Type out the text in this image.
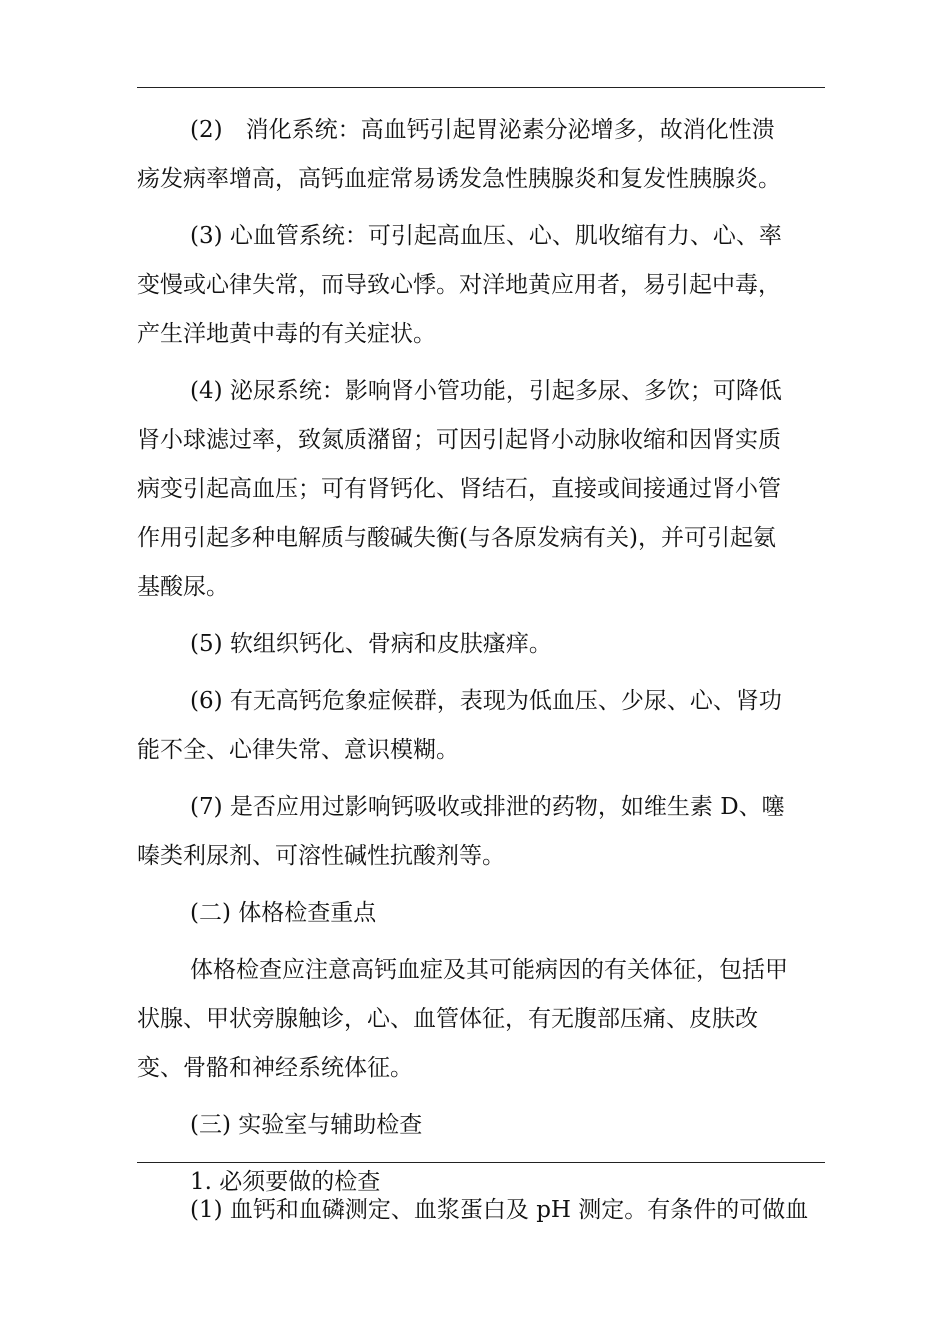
(2)　消化系统：高血钙引起胃泌素分泌增多，故消化性溃
疡发病率增高，高钙血症常易诱发急性胰腺炎和复发性胰腺炎。

(3) 心血管系统：可引起高血压、心、肌收缩有力、心、率
变慢或心律失常，而导致心悸。对洋地黄应用者，易引起中毒，
产生洋地黄中毒的有关症状。

(4) 泌尿系统：影响肾小管功能，引起多尿、多饮；可降低
肾小球滤过率，致氮质潴留；可因引起肾小动脉收缩和因肾实质
病变引起高血压；可有肾钙化、肾结石，直接或间接通过肾小管
作用引起多种电解质与酸碱失衡(与各原发病有关)，并可引起氨
基酸尿。

(5) 软组织钙化、骨病和皮肤瘙痒。

(6) 有无高钙危象症候群，表现为低血压、少尿、心、肾功
能不全、心律失常、意识模糊。

(7) 是否应用过影响钙吸收或排泄的药物，如维生素 D、噻
嗪类利尿剂、可溶性碱性抗酸剂等。

(二) 体格检查重点

体格检查应注意高钙血症及其可能病因的有关体征，包括甲
状腺、甲状旁腺触诊，心、血管体征，有无腹部压痛、皮肤改
变、骨骼和神经系统体征。

(三) 实验室与辅助检查

1. 必须要做的检查

(1) 血钙和血磷测定、血浆蛋白及 pH 测定。有条件的可做血
